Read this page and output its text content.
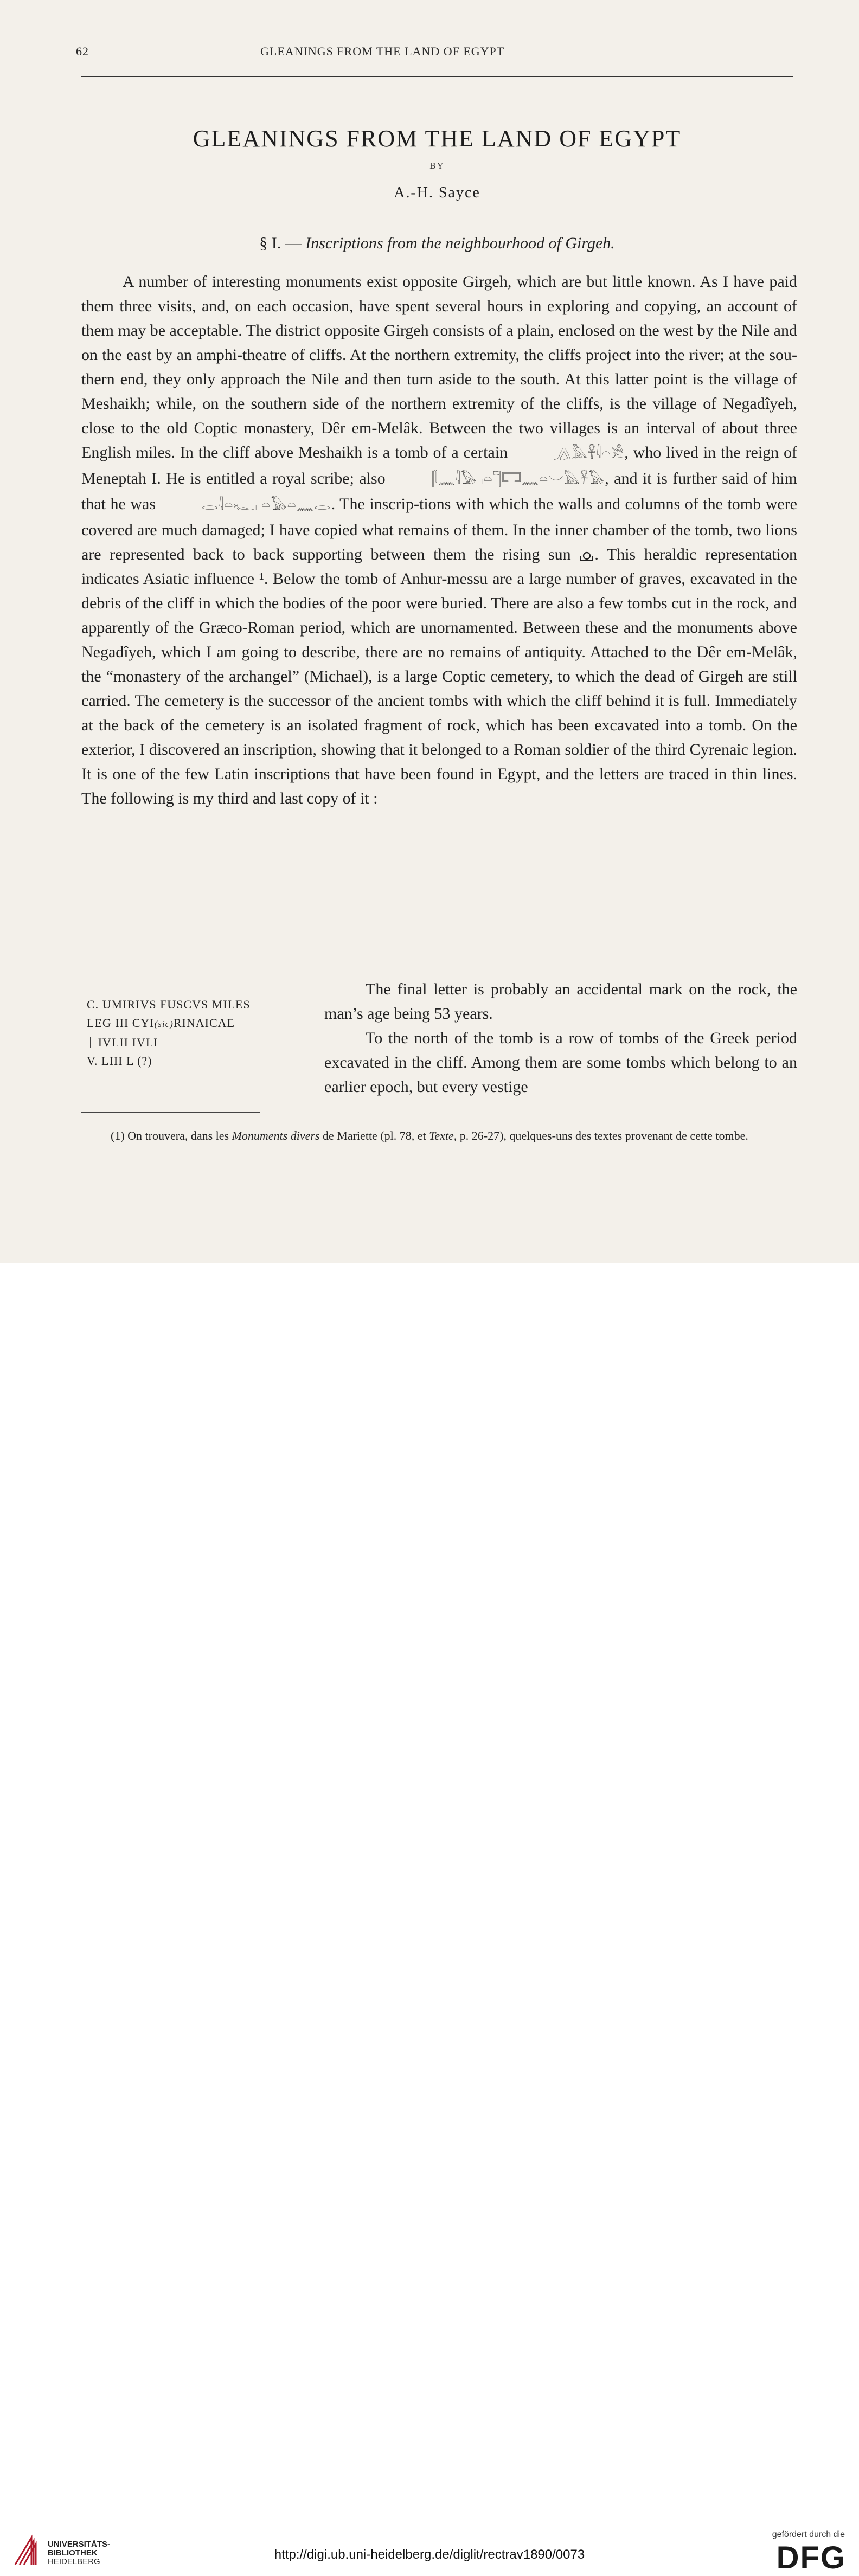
62	GLEANINGS FROM THE LAND OF EGYPT
GLEANINGS FROM THE LAND OF EGYPT
BY
A.-H. Sayce
§ I. — Inscriptions from the neighbourhood of Girgeh.

A number of interesting monuments exist opposite Girgeh, which are but little known. As I have paid them three visits, and, on each occasion, have spent several hours in exploring and copying, an account of them may be acceptable. The district opposite Girgeh consists of a plain, enclosed on the west by the Nile and on the east by an amphi-theatre of cliffs. At the northern extremity, the cliffs project into the river; at the sou-thern end, they only approach the Nile and then turn aside to the south. At this latter point is the village of Meshaikh; while, on the southern side of the northern extremity of the cliffs, is the village of Negadîyeh, close to the old Coptic monastery, Dêr em-Melâk. Between the two villages is an interval of about three English miles. In the cliff above Meshaikh is a tomb of a certain	𓂻𓅓𓋹𓇋𓏏𓀀, who lived in the reign of Meneptah I. He is entitled a royal scribe; also	𓋴𓈖𓇋𓅃𓊪𓏏𓊹𓉐𓈖𓏏𓎟𓅓𓋹𓅃, and it is further said of him that he was	𓂋𓇋𓏏𓆑𓊪𓏏𓅃𓏏𓈖𓂋. The inscrip-tions with which the walls and columns of the tomb were covered are much damaged; I have copied what remains of them. In the inner chamber of the tomb, two lions are represented back to back supporting between them the rising sun . This heraldic representation indicates Asiatic influence ¹. Below the tomb of Anhur-messu are a large number of graves, excavated in the debris of the cliff in which the bodies of the poor were buried. There are also a few tombs cut in the rock, and apparently of the Græco-Roman period, which are unornamented. Between these and the monuments above Negadîyeh, which I am going to describe, there are no remains of antiquity. Attached to the Dêr em-Melâk, the “monastery of the archangel” (Michael), is a large Coptic cemetery, to which the dead of Girgeh are still carried. The cemetery is the successor of the ancient tombs with which the cliff behind it is full. Immediately at the back of the cemetery is an isolated fragment of rock, which has been excavated into a tomb. On the exterior, I discovered an inscription, showing that it belonged to a Roman soldier of the third Cyrenaic legion. It is one of the few Latin inscriptions that have been found in Egypt, and the letters are traced in thin lines. The following is my third and last copy of it :

C. UMIRIVS FUSCVS MILES
LEG III CYI(sic)RINAICAE
ᛁ IVLII IVLI
V. LIII L (?)

The final letter is probably an accidental mark on the rock, the man’s age being 53 years.

To the north of the tomb is a row of tombs of the Greek period excavated in the cliff. Among them are some tombs which belong to an earlier epoch, but every vestige

(1) On trouvera, dans les Monuments divers de Mariette (pl. 78, et Texte, p. 26-27), quelques-uns des textes provenant de cette tombe.
UNIVERSITÄTS-
BIBLIOTHEK
HEIDELBERG	http://digi.ub.uni-heidelberg.de/diglit/rectrav1890/0073
gefördert durch die
DFG
